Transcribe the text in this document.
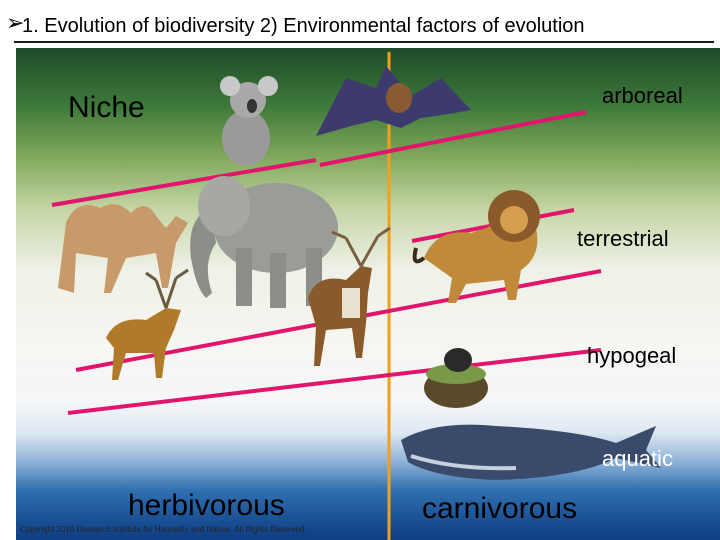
➢
1. Evolution of biodiversity 2) Environmental factors of evolution
Niche	arboreal
terrestrial
hypogeal
aquatic
herbivorous	carnivorous
Copyright 2010 Research Institute for Humanity and Nature. All Rights Reserved.
